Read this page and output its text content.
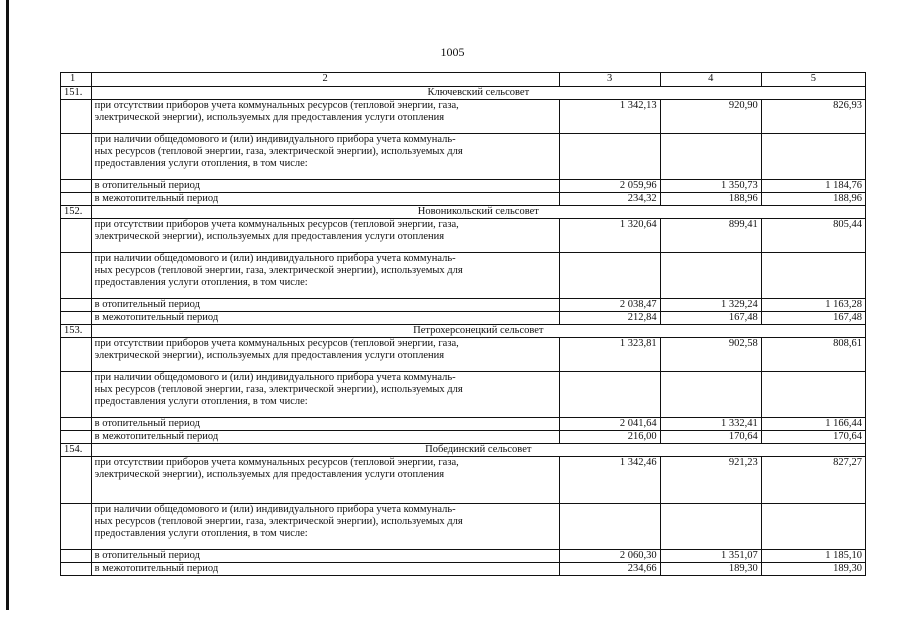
1005
1	2	3	4	5
151.	Ключевский сельсовет			

	при отсутствии приборов учета коммунальных ресурсов (тепловой энергии, газа,
электрической энергии), используемых для предоставления услуги отопления	1 342,13	920,90	826,93

	при наличии общедомового и (или) индивидуального прибора учета коммуналь-
ных ресурсов (тепловой энергии, газа, электрической энергии), используемых для
предоставления услуги отопления, в том числе:			

	в отопительный период	2 059,96	1 350,73	1 184,76

	в межотопительный период	234,32	188,96	188,96
152.	Новоникольский сельсовет			

	при отсутствии приборов учета коммунальных ресурсов (тепловой энергии, газа,
электрической энергии), используемых для предоставления услуги отопления	1 320,64	899,41	805,44

	при наличии общедомового и (или) индивидуального прибора учета коммуналь-
ных ресурсов (тепловой энергии, газа, электрической энергии), используемых для
предоставления услуги отопления, в том числе:			

	в отопительный период	2 038,47	1 329,24	1 163,28

	в межотопительный период	212,84	167,48	167,48
153.	Петрохерсонецкий сельсовет			

	при отсутствии приборов учета коммунальных ресурсов (тепловой энергии, газа,
электрической энергии), используемых для предоставления услуги отопления	1 323,81	902,58	808,61

	при наличии общедомового и (или) индивидуального прибора учета коммуналь-
ных ресурсов (тепловой энергии, газа, электрической энергии), используемых для
предоставления услуги отопления, в том числе:			

	в отопительный период	2 041,64	1 332,41	1 166,44

	в межотопительный период	216,00	170,64	170,64
154.	Побединский сельсовет			

	при отсутствии приборов учета коммунальных ресурсов (тепловой энергии, газа,
электрической энергии), используемых для предоставления услуги отопления	1 342,46	921,23	827,27

	при наличии общедомового и (или) индивидуального прибора учета коммуналь-
ных ресурсов (тепловой энергии, газа, электрической энергии), используемых для
предоставления услуги отопления, в том числе:			

	в отопительный период	2 060,30	1 351,07	1 185,10

	в межотопительный период	234,66	189,30	189,30
